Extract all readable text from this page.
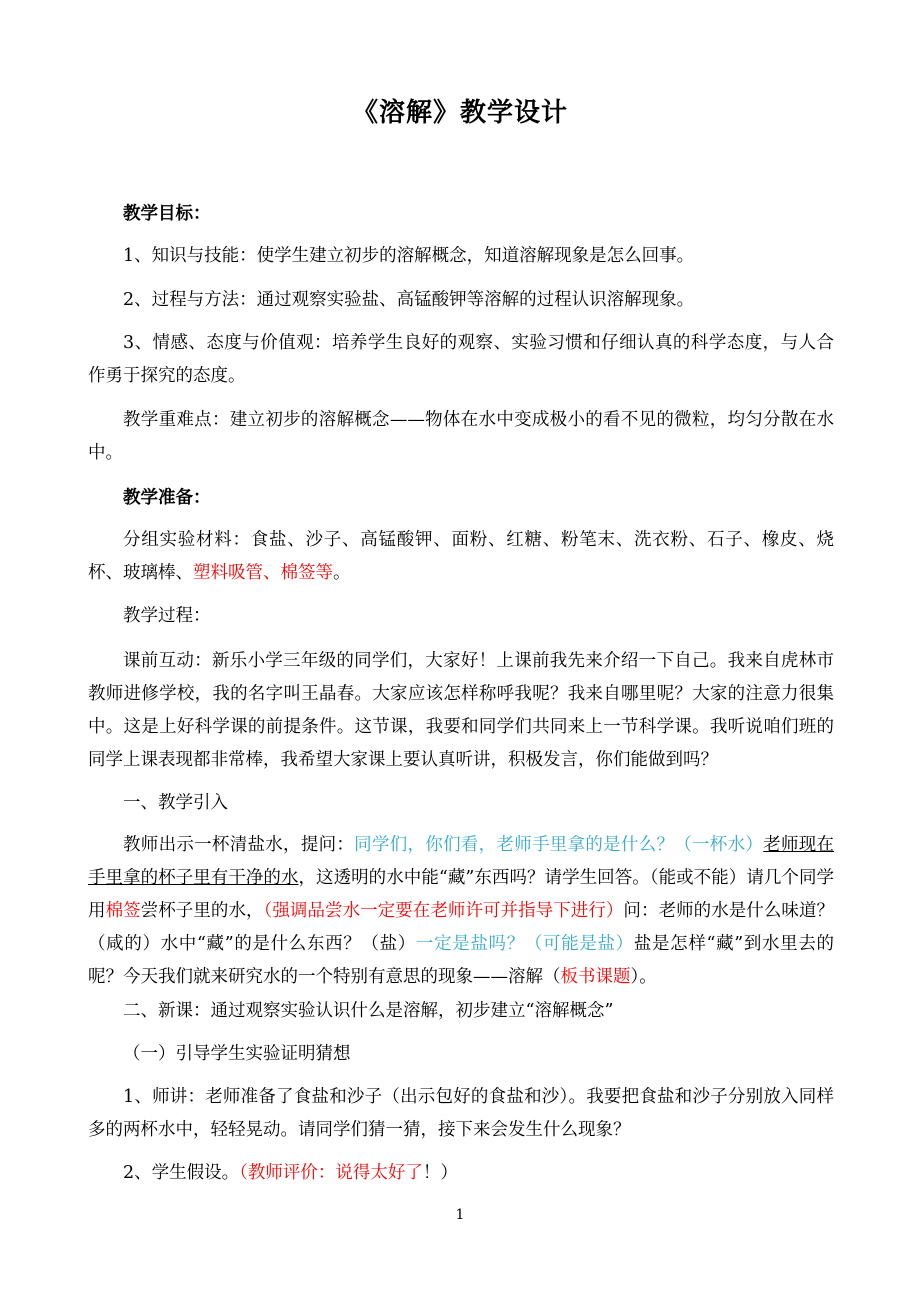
《溶解》教学设计

教学目标：

1、知识与技能：使学生建立初步的溶解概念，知道溶解现象是怎么回事。

2、过程与方法：通过观察实验盐、高锰酸钾等溶解的过程认识溶解现象。

3、情感、态度与价值观：培养学生良好的观察、实验习惯和仔细认真的科学态度，与人合作勇于探究的态度。

教学重难点：建立初步的溶解概念——物体在水中变成极小的看不见的微粒，均匀分散在水中。

教学准备：

分组实验材料：食盐、沙子、高锰酸钾、面粉、红糖、粉笔末、洗衣粉、石子、橡皮、烧杯、玻璃棒、塑料吸管、棉签等。

教学过程：

课前互动：新乐小学三年级的同学们，大家好！上课前我先来介绍一下自己。我来自虎林市教师进修学校，我的名字叫王晶春。大家应该怎样称呼我呢？我来自哪里呢？大家的注意力很集中。这是上好科学课的前提条件。这节课，我要和同学们共同来上一节科学课。我听说咱们班的同学上课表现都非常棒，我希望大家课上要认真听讲，积极发言，你们能做到吗？

一、教学引入

教师出示一杯清盐水，提问：同学们，你们看，老师手里拿的是什么？（一杯水）老师现在手里拿的杯子里有干净的水，这透明的水中能“藏”东西吗？请学生回答。（能或不能）请几个同学用棉签尝杯子里的水，（强调品尝水一定要在老师许可并指导下进行）问：老师的水是什么味道？（咸的）水中“藏”的是什么东西？（盐）一定是盐吗？（可能是盐）盐是怎样“藏”到水里去的呢？今天我们就来研究水的一个特别有意思的现象——溶解（板书课题）。

二、新课：通过观察实验认识什么是溶解，初步建立“溶解概念”

（一）引导学生实验证明猜想

1、师讲：老师准备了食盐和沙子（出示包好的食盐和沙）。我要把食盐和沙子分别放入同样多的两杯水中，轻轻晃动。请同学们猜一猜，接下来会发生什么现象？

2、学生假设。（教师评价：说得太好了！）

1
